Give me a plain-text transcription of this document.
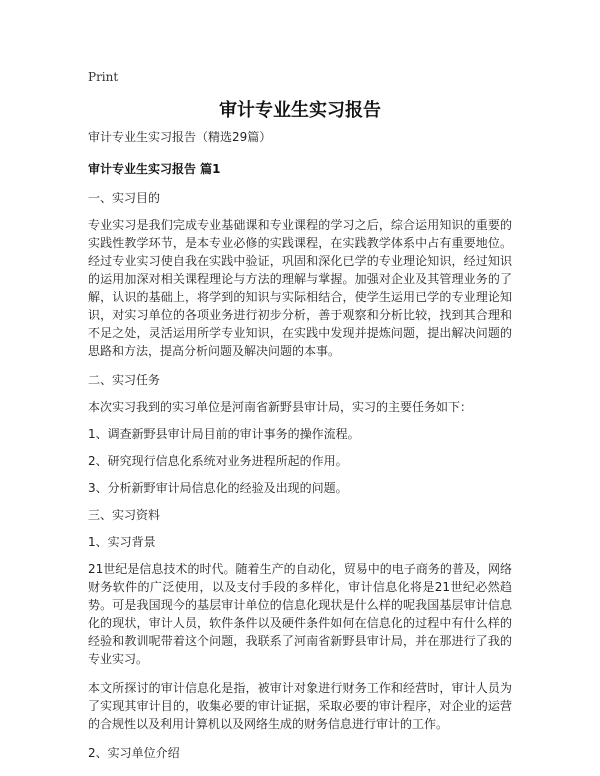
Print
审计专业生实习报告

审计专业生实习报告（精选29篇）

审计专业生实习报告 篇1

一、实习目的

专业实习是我们完成专业基础课和专业课程的学习之后，综合运用知识的重要的实践性教学环节，是本专业必修的实践课程，在实践教学体系中占有重要地位。经过专业实习使自我在实践中验证，巩固和深化已学的专业理论知识，经过知识的运用加深对相关课程理论与方法的理解与掌握。加强对企业及其管理业务的了解，认识的基础上，将学到的知识与实际相结合，使学生运用已学的专业理论知识，对实习单位的各项业务进行初步分析，善于观察和分析比较，找到其合理和不足之处，灵活运用所学专业知识，在实践中发现并提炼问题，提出解决问题的思路和方法，提高分析问题及解决问题的本事。

二、实习任务

本次实习我到的实习单位是河南省新野县审计局，实习的主要任务如下：

1、调查新野县审计局目前的审计事务的操作流程。

2、研究现行信息化系统对业务进程所起的作用。

3、分析新野审计局信息化的经验及出现的问题。

三、实习资料

1、实习背景

21世纪是信息技术的时代。随着生产的自动化，贸易中的电子商务的普及，网络财务软件的广泛使用，以及支付手段的多样化，审计信息化将是21世纪必然趋势。可是我国现今的基层审计单位的信息化现状是什么样的呢我国基层审计信息化的现状，审计人员，软件条件以及硬件条件如何在信息化的过程中有什么样的经验和教训呢带着这个问题，我联系了河南省新野县审计局，并在那进行了我的专业实习。

本文所探讨的审计信息化是指，被审计对象进行财务工作和经营时，审计人员为了实现其审计目的，收集必要的审计证据，采取必要的审计程序，对企业的运营的合规性以及利用计算机以及网络生成的财务信息进行审计的工作。

2、实习单位介绍
